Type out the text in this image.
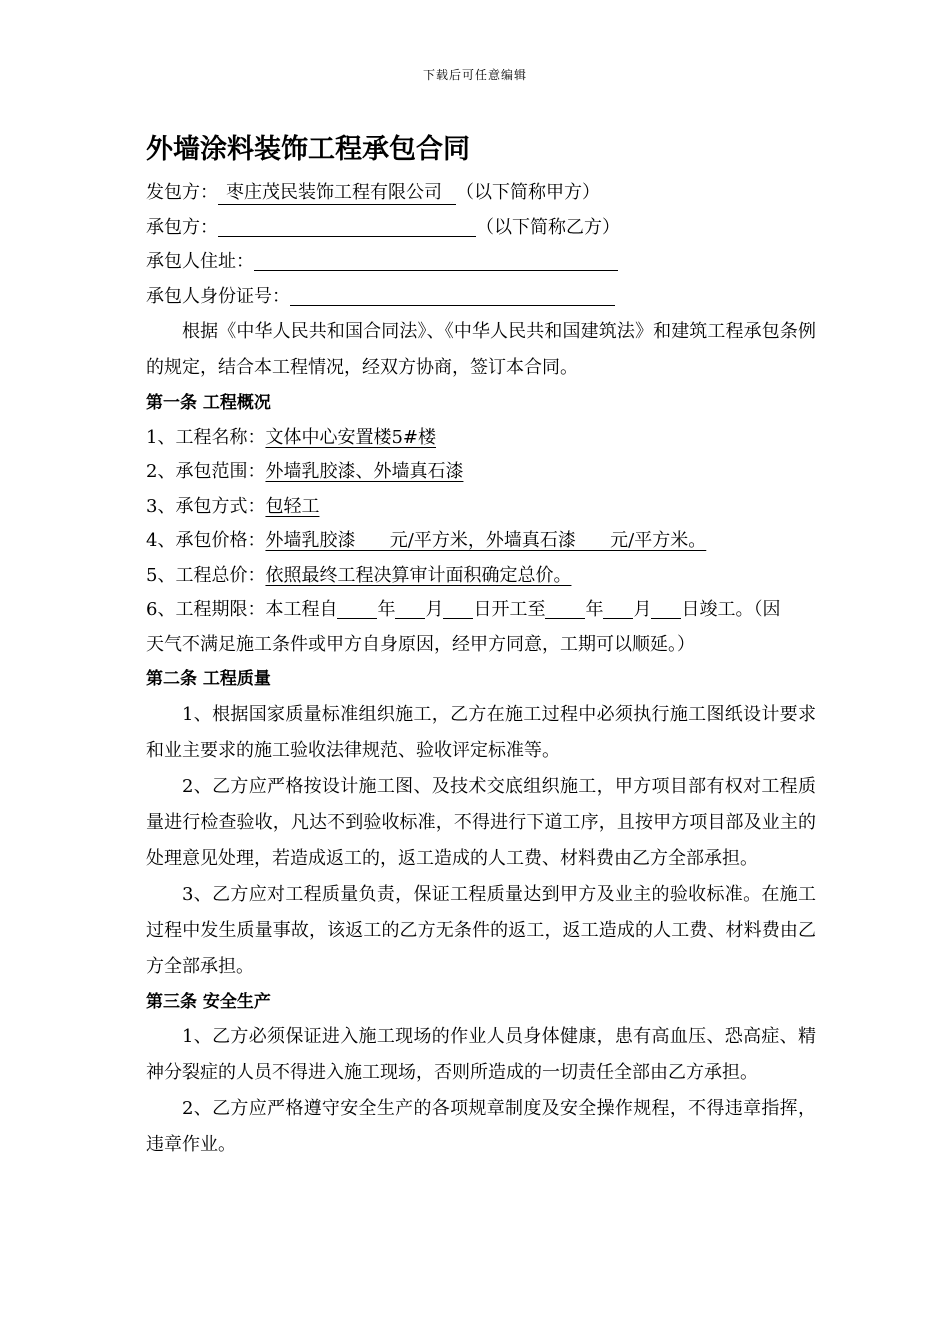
下载后可任意编辑
外墙涂料装饰工程承包合同
发包方： 枣庄茂民装饰工程有限公司 （以下简称甲方）
承包方：	（以下简称乙方）
承包人住址：
承包人身份证号：
根据《中华人民共和国合同法》、《中华人民共和国建筑法》和建筑工程承包条例的规定，结合本工程情况，经双方协商，签订本合同。
第一条 工程概况
1、工程名称：文体中心安置楼5#楼
2、承包范围：外墙乳胶漆、外墙真石漆
3、承包方式：包轻工
4、承包价格：外墙乳胶漆      元/平方米，外墙真石漆      元/平方米。
5、工程总价：依照最终工程决算审计面积确定总价。
6、工程期限：本工程自 年 月 日开工至 年 月 日竣工。（因
天气不满足施工条件或甲方自身原因，经甲方同意，工期可以顺延。）
第二条 工程质量
1、根据国家质量标准组织施工，乙方在施工过程中必须执行施工图纸设计要求和业主要求的施工验收法律规范、验收评定标准等。
2、乙方应严格按设计施工图、及技术交底组织施工，甲方项目部有权对工程质量进行检查验收，凡达不到验收标准，不得进行下道工序，且按甲方项目部及业主的处理意见处理，若造成返工的，返工造成的人工费、材料费由乙方全部承担。
3、乙方应对工程质量负责，保证工程质量达到甲方及业主的验收标准。在施工过程中发生质量事故，该返工的乙方无条件的返工，返工造成的人工费、材料费由乙方全部承担。
第三条 安全生产
1、乙方必须保证进入施工现场的作业人员身体健康，患有高血压、恐高症、精神分裂症的人员不得进入施工现场，否则所造成的一切责任全部由乙方承担。
2、乙方应严格遵守安全生产的各项规章制度及安全操作规程，不得违章指挥，违章作业。
